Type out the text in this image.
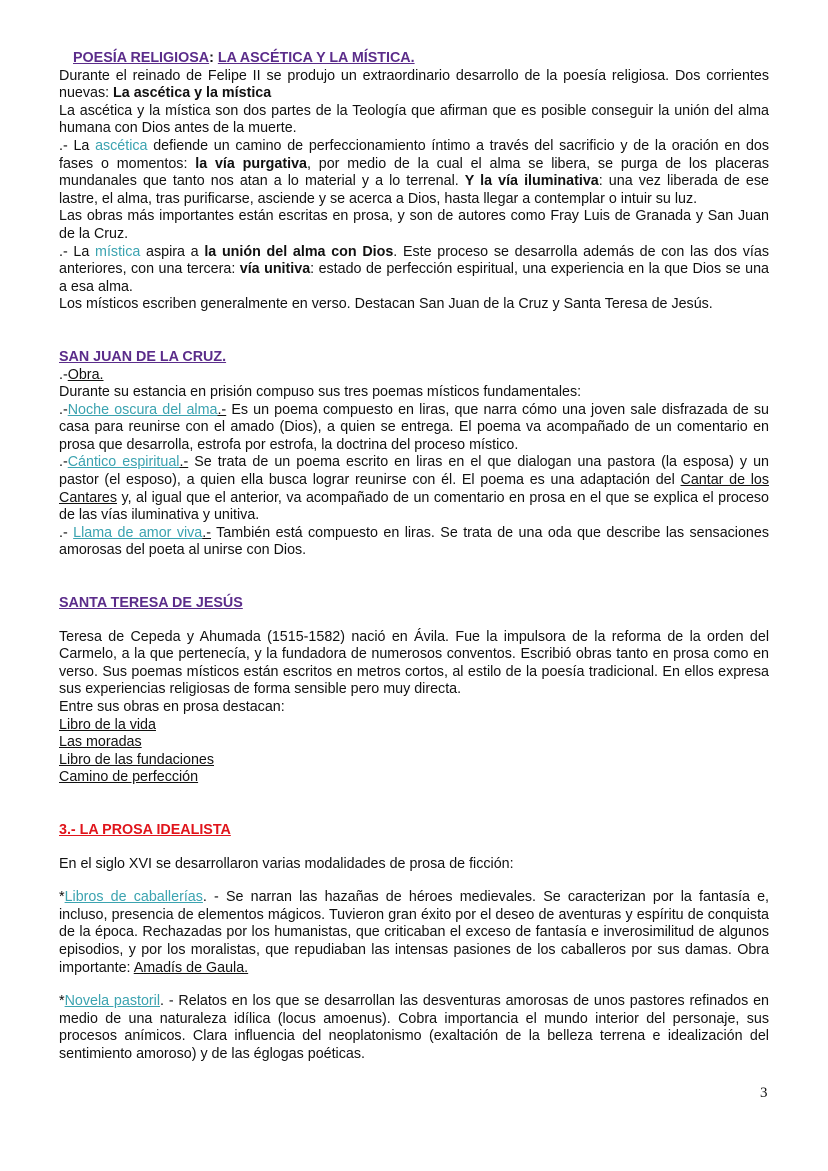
POESÍA RELIGIOSA: LA ASCÉTICA Y LA MÍSTICA.

Durante el reinado de Felipe II se produjo un extraordinario desarrollo de la poesía religiosa. Dos corrientes nuevas: La ascética y la mística

La ascética y la mística son dos partes de la Teología que afirman que es posible conseguir la unión del alma humana con Dios antes de la muerte.

.- La ascética defiende un camino de perfeccionamiento íntimo a través del sacrificio y de la oración en dos fases o momentos: la vía purgativa, por medio de la cual el alma se libera, se purga de los placeras mundanales que tanto nos atan a lo material y a lo terrenal. Y la vía iluminativa: una vez liberada de ese lastre, el alma, tras purificarse, asciende y se acerca a Dios, hasta llegar a contemplar o intuir su luz.

Las obras más importantes están escritas en prosa, y son de autores como Fray Luis de Granada y San Juan de la Cruz.

.- La mística aspira a la unión del alma con Dios. Este proceso se desarrolla además de con las dos vías anteriores, con una tercera: vía unitiva: estado de perfección espiritual, una experiencia en la que Dios se una a esa alma.

Los místicos escriben generalmente en verso. Destacan San Juan de la Cruz y Santa Teresa de Jesús.

SAN JUAN DE LA CRUZ.

.-Obra.

Durante su estancia en prisión compuso sus tres poemas místicos fundamentales:

.-Noche oscura del alma.- Es un poema compuesto en liras, que narra cómo una joven sale disfrazada de su casa para reunirse con el amado (Dios), a quien se entrega. El poema va acompañado de un comentario en prosa que desarrolla, estrofa por estrofa, la doctrina del proceso místico.

.-Cántico espiritual.- Se trata de un poema escrito en liras en el que dialogan una pastora (la esposa) y un pastor (el esposo), a quien ella busca lograr reunirse con él. El poema es una adaptación del Cantar de los Cantares y, al igual que el anterior, va acompañado de un comentario en prosa en el que se explica el proceso de las vías iluminativa y unitiva.

.- Llama de amor viva.- También está compuesto en liras. Se trata de una oda que describe las sensaciones amorosas del poeta al unirse con Dios.

SANTA TERESA DE JESÚS

Teresa de Cepeda y Ahumada (1515-1582) nació en Ávila. Fue la impulsora de la reforma de la orden del Carmelo, a la que pertenecía, y la fundadora de numerosos conventos. Escribió obras tanto en prosa como en verso. Sus poemas místicos están escritos en metros cortos, al estilo de la poesía tradicional. En ellos expresa sus experiencias religiosas de forma sensible pero muy directa.

Entre sus obras en prosa destacan:

Libro de la vida

Las moradas

Libro de las fundaciones

Camino de perfección

3.- LA PROSA IDEALISTA

En el siglo XVI se desarrollaron varias modalidades de prosa de ficción:

*Libros de caballerías. - Se narran las hazañas de héroes medievales. Se caracterizan por la fantasía e, incluso, presencia de elementos mágicos. Tuvieron gran éxito por el deseo de aventuras y espíritu de conquista de la época. Rechazadas por los humanistas, que criticaban el exceso de fantasía e inverosimilitud de algunos episodios, y por los moralistas, que repudiaban las intensas pasiones de los caballeros por sus damas. Obra importante: Amadís de Gaula.

*Novela pastoril. - Relatos en los que se desarrollan las desventuras amorosas de unos pastores refinados en medio de una naturaleza idílica (locus amoenus). Cobra importancia el mundo interior del personaje, sus procesos anímicos. Clara influencia del neoplatonismo (exaltación de la belleza terrena e idealización del sentimiento amoroso) y de las églogas poéticas.

3
